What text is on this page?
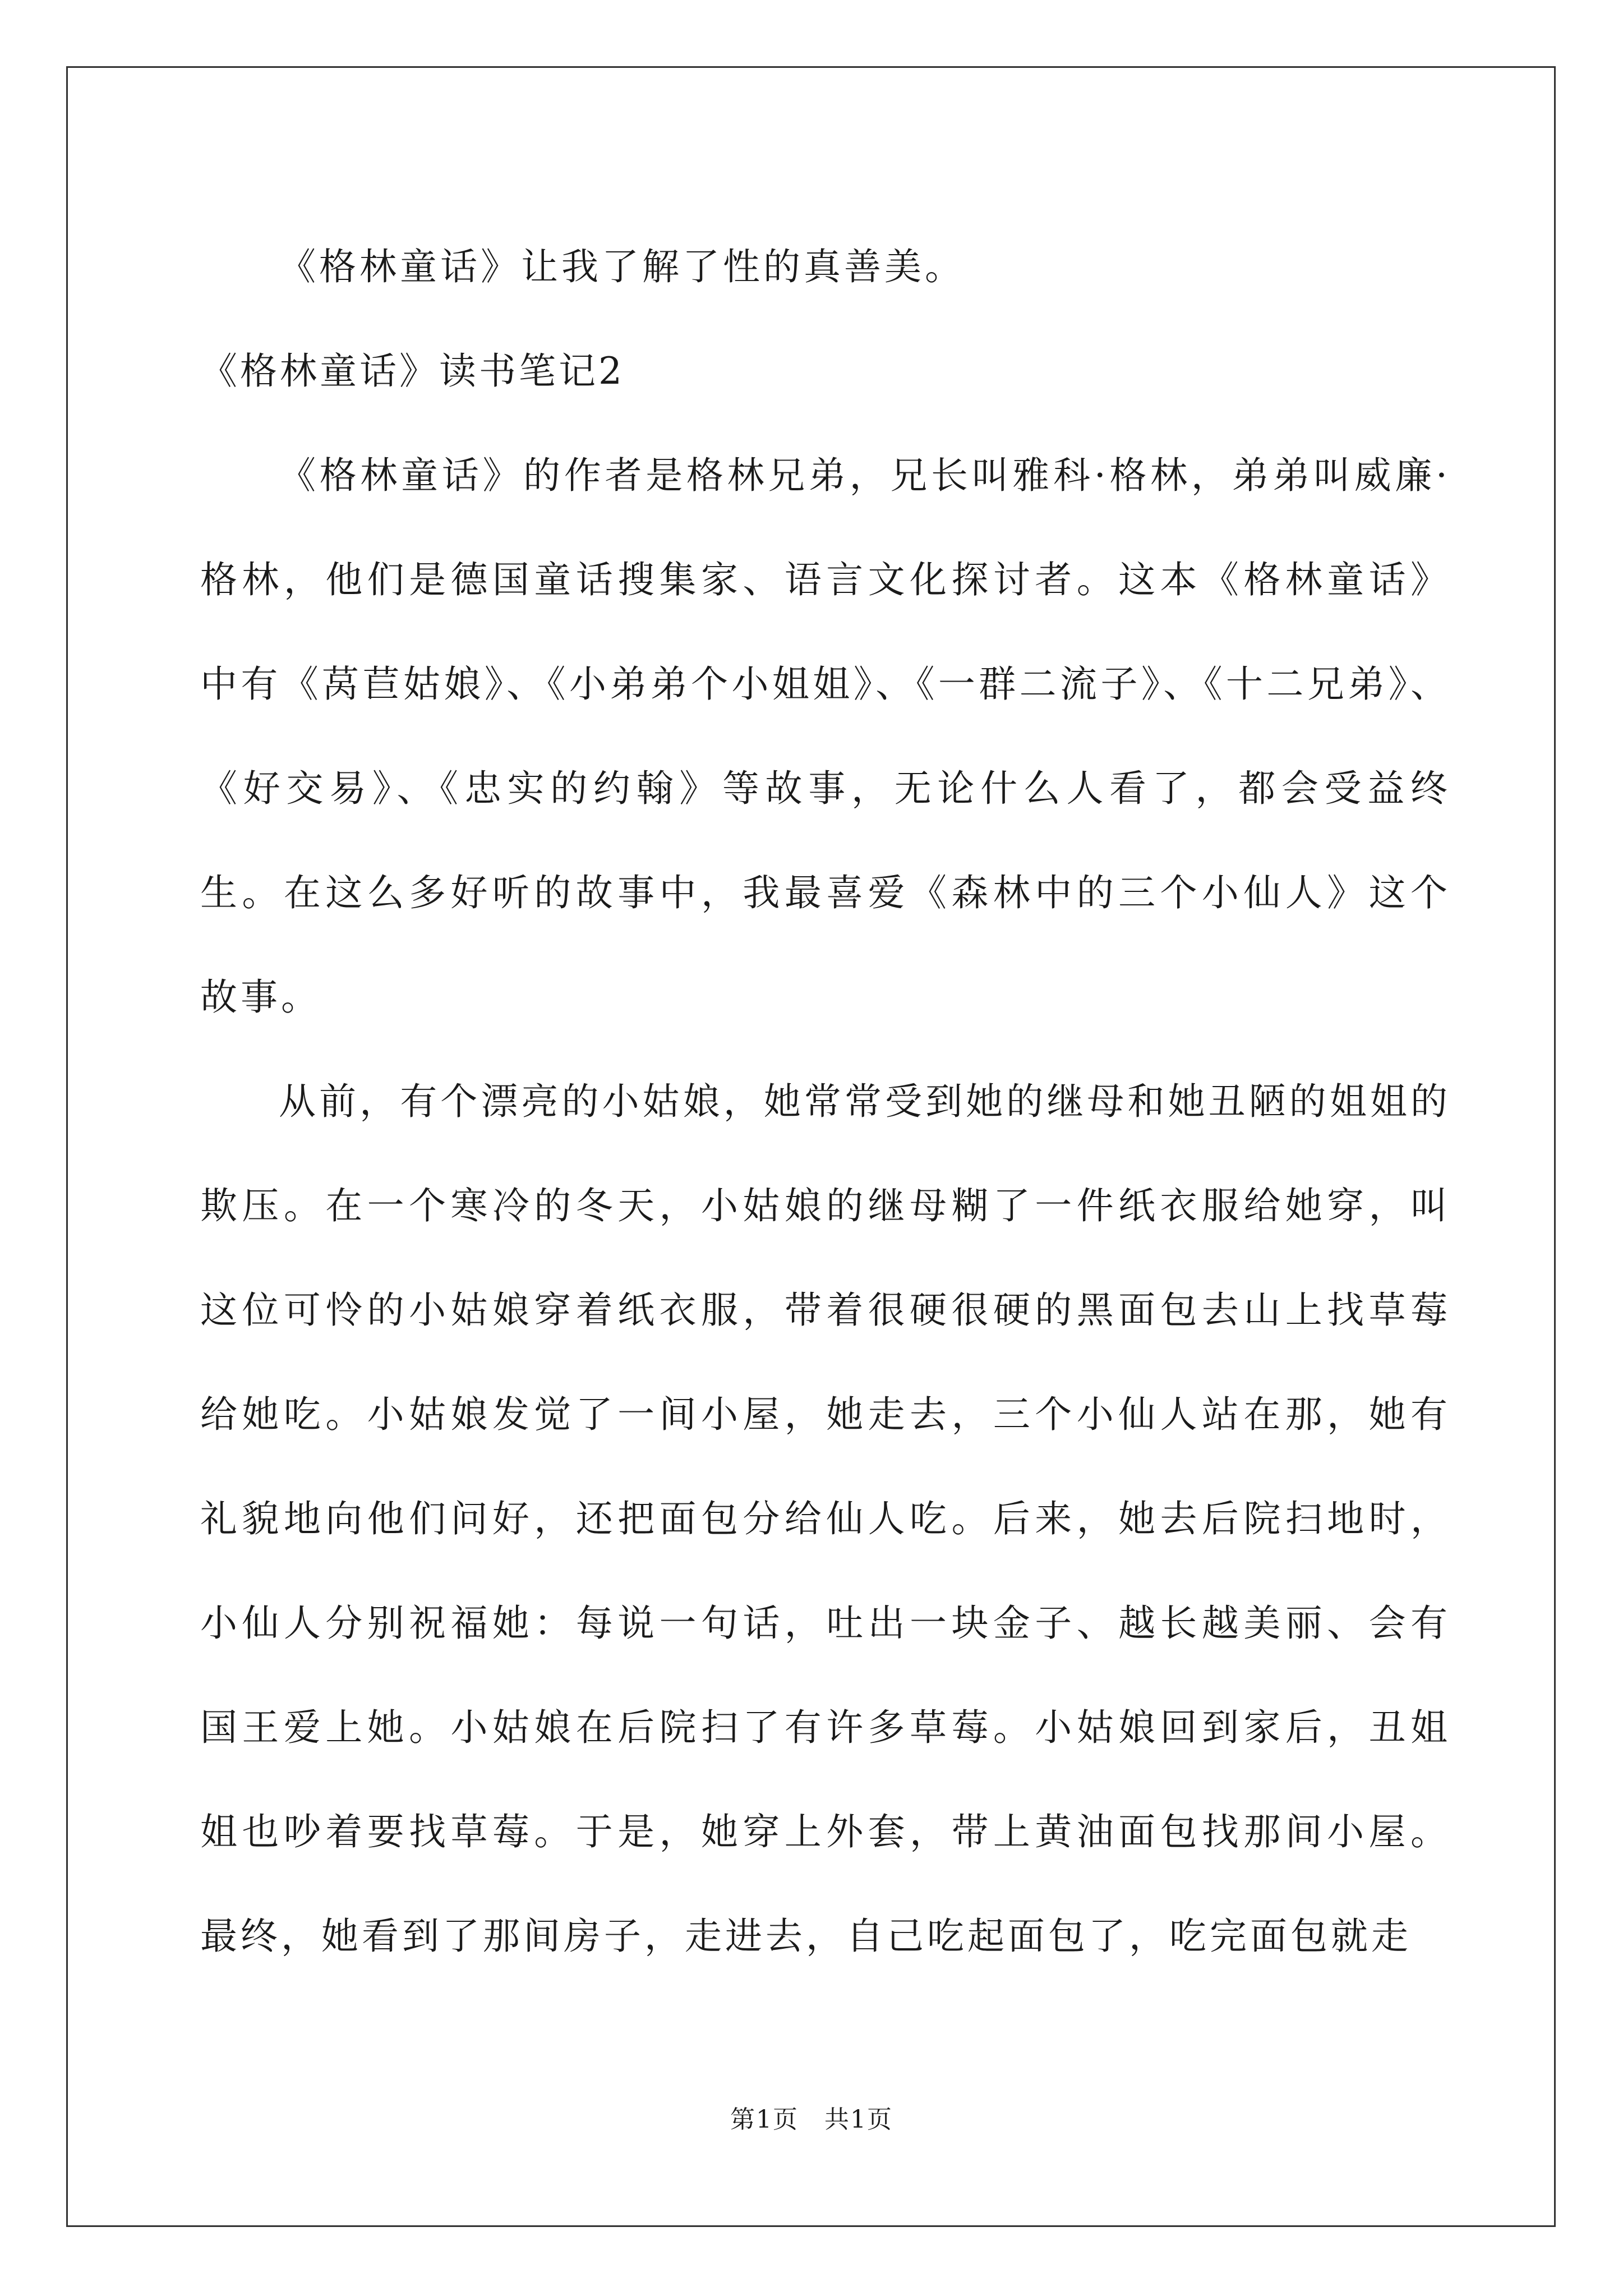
《格林童话》让我了解了性的真善美。

《格林童话》读书笔记2

《格林童话》的作者是格林兄弟，兄长叫雅科·格林，弟弟叫威廉·格林，他们是德国童话搜集家、语言文化探讨者。这本《格林童话》中有《莴苣姑娘》、《小弟弟个小姐姐》、《一群二流子》、《十二兄弟》、《好交易》、《忠实的约翰》等故事，无论什么人看了，都会受益终生。在这么多好听的故事中，我最喜爱《森林中的三个小仙人》这个故事。

从前，有个漂亮的小姑娘，她常常受到她的继母和她丑陋的姐姐的欺压。在一个寒冷的冬天，小姑娘的继母糊了一件纸衣服给她穿，叫这位可怜的小姑娘穿着纸衣服，带着很硬很硬的黑面包去山上找草莓给她吃。小姑娘发觉了一间小屋，她走去，三个小仙人站在那，她有礼貌地向他们问好，还把面包分给仙人吃。后来，她去后院扫地时，小仙人分别祝福她：每说一句话，吐出一块金子、越长越美丽、会有国王爱上她。小姑娘在后院扫了有许多草莓。小姑娘回到家后，丑姐姐也吵着要找草莓。于是，她穿上外套，带上黄油面包找那间小屋。最终，她看到了那间房子，走进去，自己吃起面包了，吃完面包就走

第1页　共1页
